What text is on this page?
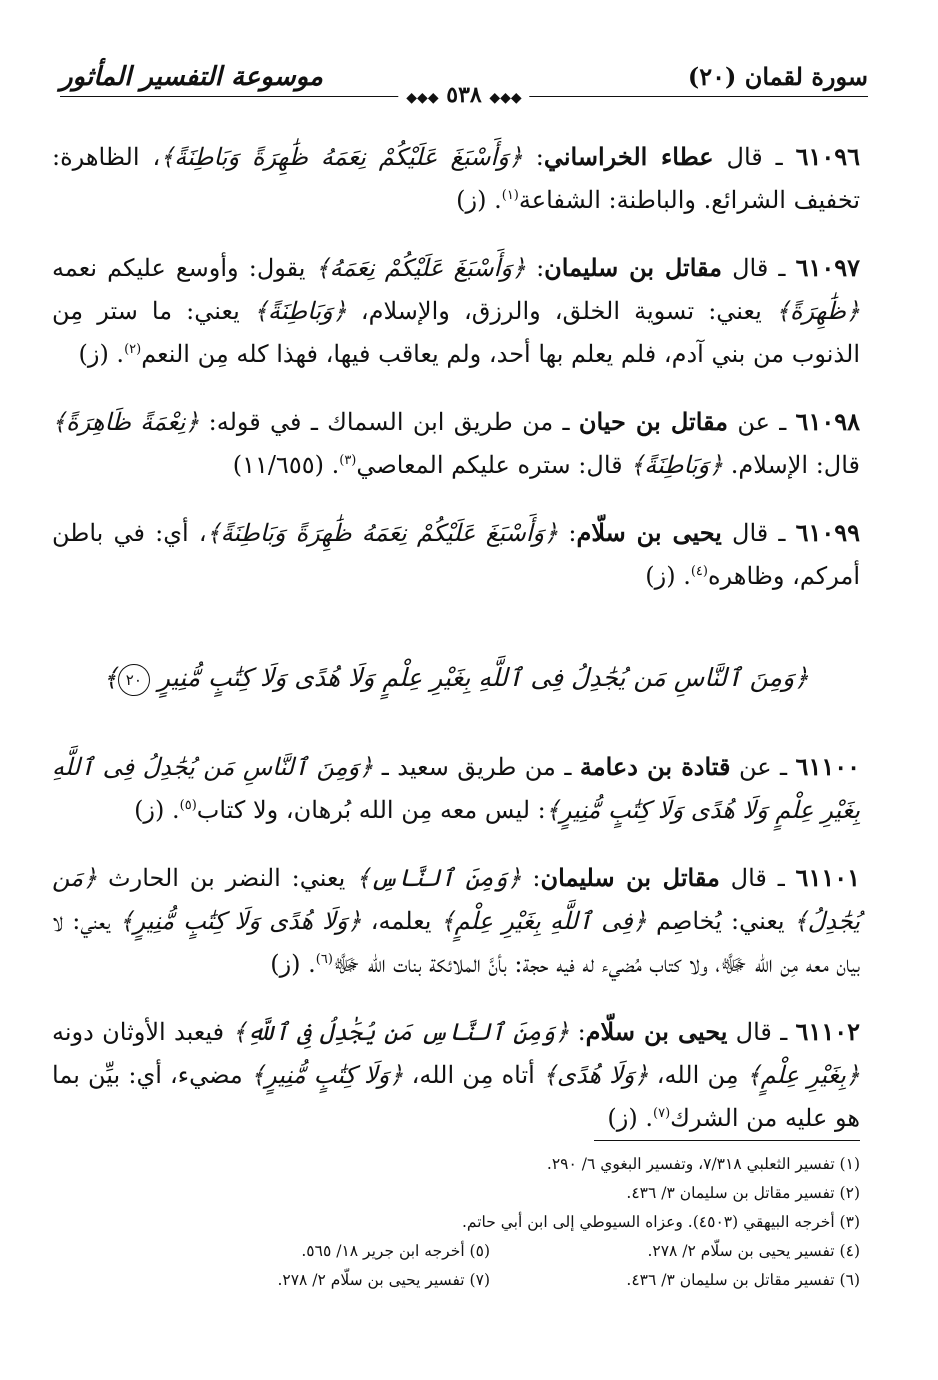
سورة لقمان (٢٠)
موسوعة التفسير المأثور
◆◆◆ ٥٣٨ ◆◆◆

٦١٠٩٦ ـ قال عطاء الخراساني: ﴿وَأَسْبَغَ عَلَيْكُمْ نِعَمَهُ ظَٰهِرَةً وَبَاطِنَةً﴾، الظاهرة: تخفيف الشرائع. والباطنة: الشفاعة$^{(١)}$. (ز)

٦١٠٩٧ ـ قال مقاتل بن سليمان: ﴿وَأَسْبَغَ عَلَيْكُمْ نِعَمَهُ﴾ يقول: وأوسع عليكم نعمه ﴿ظَٰهِرَةً﴾ يعني: تسوية الخلق، والرزق، والإسلام، ﴿وَبَاطِنَةً﴾ يعني: ما ستر مِن الذنوب من بني آدم، فلم يعلم بها أحد، ولم يعاقب فيها، فهذا كله مِن النعم$^{(٢)}$. (ز)

٦١٠٩٨ ـ عن مقاتل بن حيان ـ من طريق ابن السماك ـ في قوله: ﴿نِعْمَةً ظَاهِرَةً﴾ قال: الإسلام. ﴿وَبَاطِنَةً﴾ قال: ستره عليكم المعاصي$^{(٣)}$. (١١/٦٥٥)

٦١٠٩٩ ـ قال يحيى بن سلّام: ﴿وَأَسْبَغَ عَلَيْكُمْ نِعَمَهُ ظَٰهِرَةً وَبَاطِنَةً﴾، أي: في باطن أمركم، وظاهره$^{(٤)}$. (ز)

﴿وَمِنَ ٱلنَّاسِ مَن يُجَٰدِلُ فِى ٱللَّهِ بِغَيْرِ عِلْمٍ وَلَا هُدًى وَلَا كِتَٰبٍ مُّنِيرٍ ٢٠﴾

٦١١٠٠ ـ عن قتادة بن دعامة ـ من طريق سعيد ـ ﴿وَمِنَ ٱلنَّاسِ مَن يُجَٰدِلُ فِى ٱللَّهِ بِغَيْرِ عِلْمٍ وَلَا هُدًى وَلَا كِتَٰبٍ مُّنِيرٍ﴾: ليس معه مِن الله بُرهان، ولا كتاب$^{(٥)}$. (ز)

٦١١٠١ ـ قال مقاتل بن سليمان: ﴿وَمِنَ ٱلنَّاسِ﴾ يعني: النضر بن الحارث ﴿مَن يُجَٰدِلُ﴾ يعني: يُخاصِم ﴿فِى ٱللَّهِ بِغَيْرِ عِلْمٍ﴾ يعلمه، ﴿وَلَا هُدًى وَلَا كِتَٰبٍ مُّنِيرٍ﴾ يعني: لا بيان معه مِن الله ﷻ، ولا كتاب مُضيء له فيه حجة: بأنَّ الملائكة بنات الله ﷻ$^{(٦)}$. (ز)

٦١١٠٢ ـ قال يحيى بن سلّام: ﴿وَمِنَ ٱلنَّاسِ مَن يُجَٰدِلُ فِى ٱللَّهِ﴾ فيعبد الأوثان دونه ﴿بِغَيْرِ عِلْمٍ﴾ مِن الله، ﴿وَلَا هُدًى﴾ أتاه مِن الله، ﴿وَلَا كِتَٰبٍ مُّنِيرٍ﴾ مضيء، أي: بيِّن بما هو عليه من الشرك$^{(٧)}$. (ز)

(١) تفسير الثعلبي ٧/٣١٨، وتفسير البغوي ٦/ ٢٩٠.
(٢) تفسير مقاتل بن سليمان ٣/ ٤٣٦.
(٣) أخرجه البيهقي (٤٥٠٣). وعزاه السيوطي إلى ابن أبي حاتم.
(٤) تفسير يحيى بن سلّام ٢/ ٢٧٨.
(٥) أخرجه ابن جرير ١٨/ ٥٦٥.
(٦) تفسير مقاتل بن سليمان ٣/ ٤٣٦.
(٧) تفسير يحيى بن سلّام ٢/ ٢٧٨.
